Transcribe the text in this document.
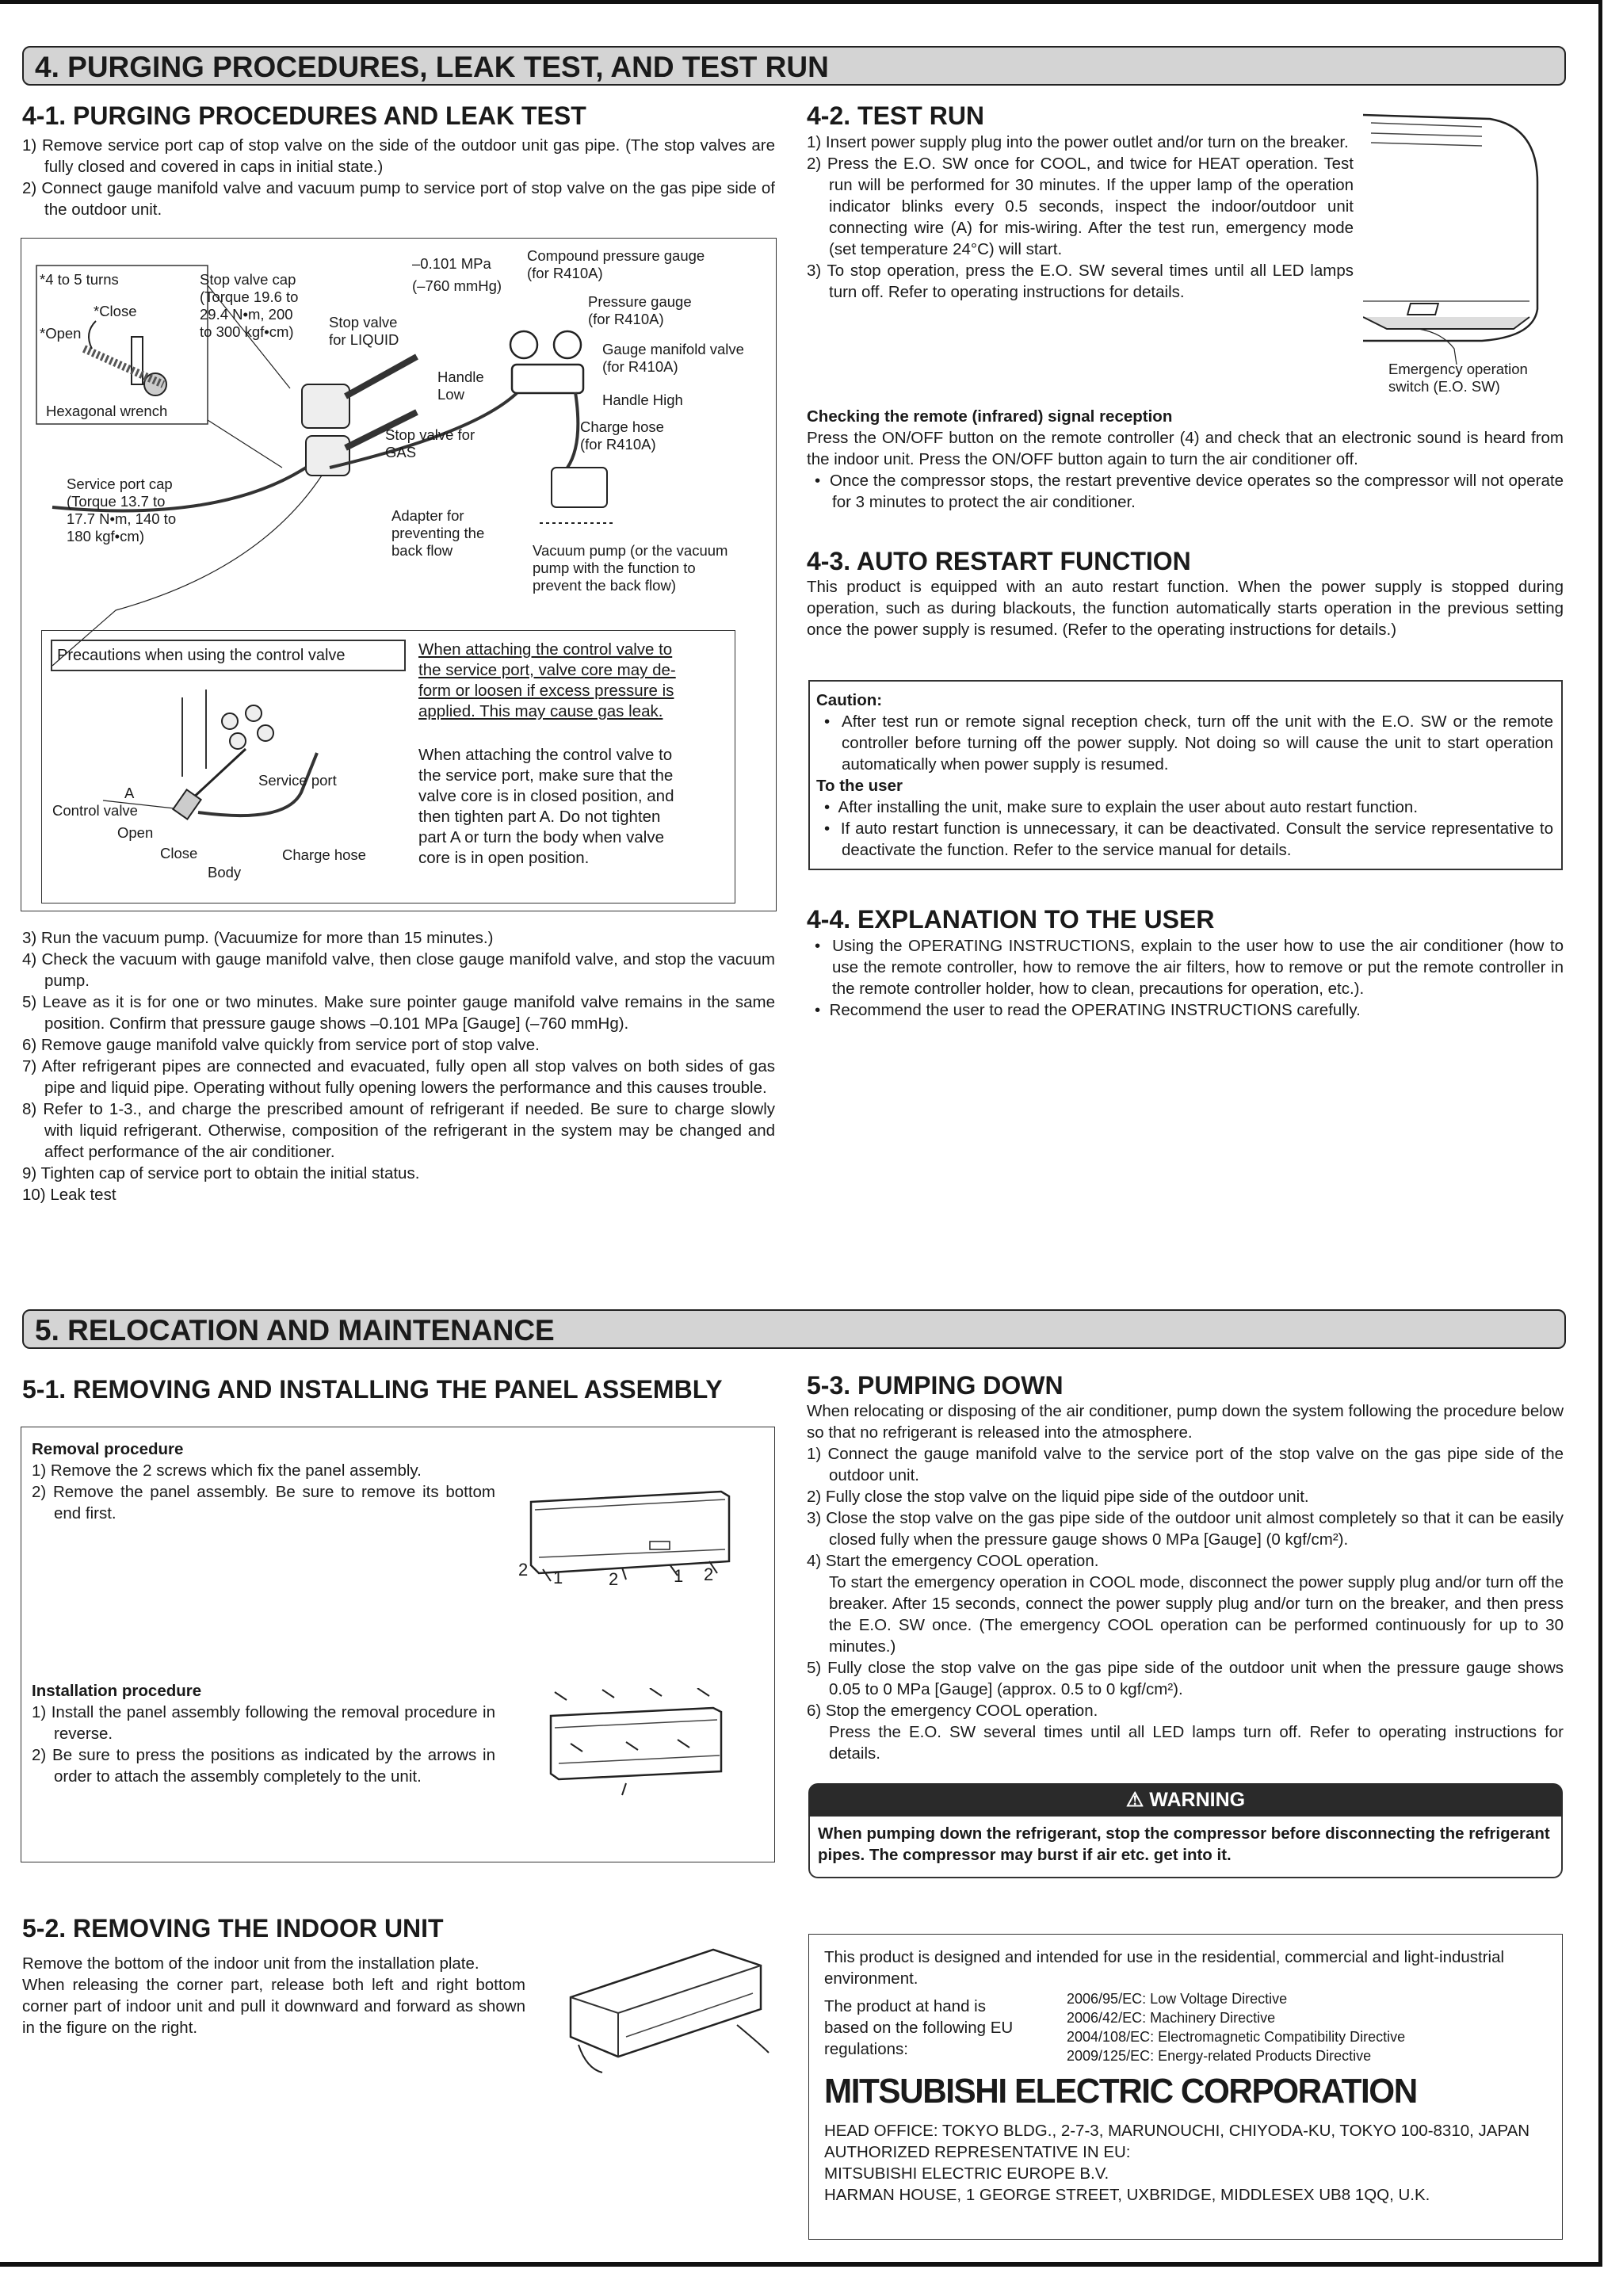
4. PURGING PROCEDURES, LEAK TEST, AND TEST RUN
4-1. PURGING PROCEDURES AND LEAK TEST

1) Remove service port cap of stop valve on the side of the outdoor unit gas pipe. (The stop valves are fully closed and covered in caps in initial state.)

2) Connect gauge manifold valve and vacuum pump to service port of stop valve on the gas pipe side of the outdoor unit.

*4 to 5 turns
*Close
*Open
Hexagonal wrench
Stop valve cap
(Torque 19.6 to
29.4 N•m, 200
to 300 kgf•cm)
Stop valve
for LIQUID
–0.101 MPa
(–760 mmHg)
Compound pressure gauge
(for R410A)
Pressure gauge
(for R410A)
Gauge manifold valve
(for R410A)
Handle
Low	Handle High
Charge hose
(for R410A)
Stop valve for
GAS
Service port cap
(Torque 13.7 to
17.7 N•m, 140 to
180 kgf•cm)
Adapter for
preventing the
back flow	Vacuum pump (or the vacuum
pump with the function to
prevent the back flow)
Precautions when using the control valve
A
Control valve
Open
Close
Body
Service port
Charge hose

When attaching the control valve to

the service port, valve core may de-

form or loosen if excess pressure is

applied. This may cause gas leak.

When attaching the control valve to

the service port, make sure that the

valve core is in closed position, and

then tighten part A. Do not tighten

part A or turn the body when valve

core is in open position.

3) Run the vacuum pump. (Vacuumize for more than 15 minutes.)

4) Check the vacuum with gauge manifold valve, then close gauge manifold valve, and stop the vacuum pump.

5) Leave as it is for one or two minutes. Make sure pointer gauge manifold valve remains in the same position. Confirm that pressure gauge shows –0.101 MPa [Gauge] (–760 mmHg).

6) Remove gauge manifold valve quickly from service port of stop valve.

7) After refrigerant pipes are connected and evacuated, fully open all stop valves on both sides of gas pipe and liquid pipe. Operating without fully opening lowers the performance and this causes trouble.

8) Refer to 1-3., and charge the prescribed amount of refrigerant if needed. Be sure to charge slowly with liquid refrigerant. Otherwise, composition of the refrigerant in the system may be changed and affect performance of the air conditioner.

9) Tighten cap of service port to obtain the initial status.

10) Leak test

4-2. TEST RUN

1) Insert power supply plug into the power outlet and/or turn on the breaker.

2) Press the E.O. SW once for COOL, and twice for HEAT operation. Test run will be performed for 30 minutes. If the upper lamp of the operation indicator blinks every 0.5 seconds, inspect the indoor/outdoor unit connecting wire (A) for mis-wiring. After the test run, emergency mode (set temperature 24°C) will start.

3) To stop operation, press the E.O. SW several times until all LED lamps turn off. Refer to operating instructions for details.

Emergency operation
switch (E.O. SW)
Checking the remote (infrared) signal reception
Press the ON/OFF button on the remote controller (4) and check that an electronic sound is heard from the indoor unit. Press the ON/OFF button again to turn the air conditioner off.

•  Once the compressor stops, the restart preventive device operates so the compressor will not operate for 3 minutes to protect the air conditioner.

4-3. AUTO RESTART FUNCTION
This product is equipped with an auto restart function. When the power supply is stopped during operation, such as during blackouts, the function automatically starts operation in the previous setting once the power supply is resumed. (Refer to the operating instructions for details.)

Caution:

•  After test run or remote signal reception check, turn off the unit with the E.O. SW or the remote controller before turning off the power supply. Not doing so will cause the unit to start operation automatically when power supply is resumed.

To the user

•  After installing the unit, make sure to explain the user about auto restart function.

•  If auto restart function is unnecessary, it can be deactivated. Consult the service representative to deactivate the function. Refer to the service manual for details.

4-4. EXPLANATION TO THE USER

•  Using the OPERATING INSTRUCTIONS, explain to the user how to use the air conditioner (how to use the remote controller, how to remove the air filters, how to remove or put the remote controller in the remote controller holder, how to clean, precautions for operation, etc.).

•  Recommend the user to read the OPERATING INSTRUCTIONS carefully.

5. RELOCATION AND MAINTENANCE
5-1. REMOVING AND INSTALLING THE PANEL ASSEMBLY

Removal procedure

1) Remove the 2 screws which fix the panel assembly.

2) Remove the panel assembly. Be sure to remove its bottom end first.

2 1	2	1 2

Installation procedure

1) Install the panel assembly following the removal procedure in reverse.

2) Be sure to press the positions as indicated by the arrows in order to attach the assembly completely to the unit.

5-2. REMOVING THE INDOOR UNIT

Remove the bottom of the indoor unit from the installation plate.

When releasing the corner part, release both left and right bottom corner part of indoor unit and pull it downward and forward as shown in the figure on the right.

5-3. PUMPING DOWN
When relocating or disposing of the air conditioner, pump down the system following the procedure below so that no refrigerant is released into the atmosphere.

1) Connect the gauge manifold valve to the service port of the stop valve on the gas pipe side of the outdoor unit.

2) Fully close the stop valve on the liquid pipe side of the outdoor unit.

3) Close the stop valve on the gas pipe side of the outdoor unit almost completely so that it can be easily closed fully when the pressure gauge shows 0 MPa [Gauge] (0 kgf/cm²).

4) Start the emergency COOL operation.

To start the emergency operation in COOL mode, disconnect the power supply plug and/or turn off the breaker. After 15 seconds, connect the power supply plug and/or turn on the breaker, and then press the E.O. SW once. (The emergency COOL operation can be performed continuously for up to 30 minutes.)

5) Fully close the stop valve on the gas pipe side of the outdoor unit when the pressure gauge shows 0.05 to 0 MPa [Gauge] (approx. 0.5 to 0 kgf/cm²).

6) Stop the emergency COOL operation.

Press the E.O. SW several times until all LED lamps turn off. Refer to operating instructions for details.

⚠ WARNING
When pumping down the refrigerant, stop the compressor before disconnecting the refrigerant pipes. The compressor may burst if air etc. get into it.
This product is designed and intended for use in the residential, commercial and light-industrial environment.
The product at hand is based on the following EU regulations:

2006/95/EC: Low Voltage Directive

2006/42/EC: Machinery Directive

2004/108/EC: Electromagnetic Compatibility Directive

2009/125/EC: Energy-related Products Directive

MITSUBISHI ELECTRIC CORPORATION

HEAD OFFICE: TOKYO BLDG., 2-7-3, MARUNOUCHI, CHIYODA-KU, TOKYO 100-8310, JAPAN

AUTHORIZED REPRESENTATIVE IN EU:

MITSUBISHI ELECTRIC EUROPE B.V.

HARMAN HOUSE, 1 GEORGE STREET, UXBRIDGE, MIDDLESEX UB8 1QQ, U.K.
